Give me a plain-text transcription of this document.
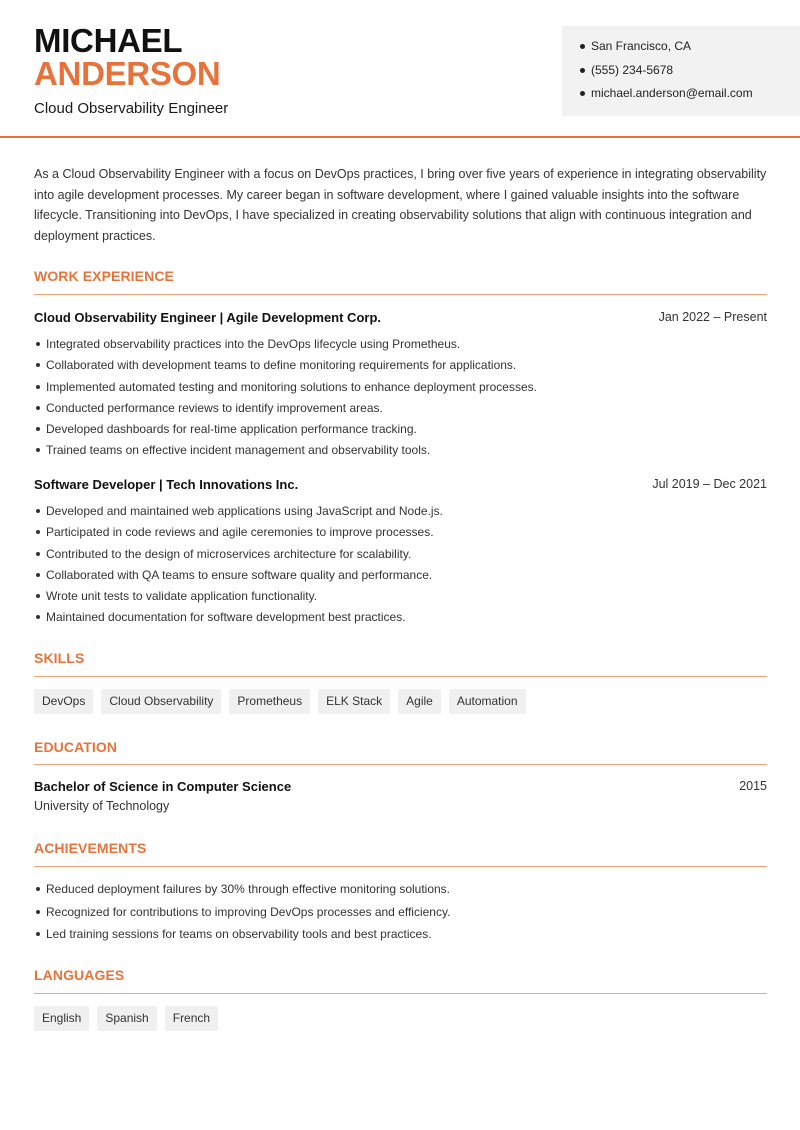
MICHAEL
ANDERSON
Cloud Observability Engineer
San Francisco, CA
(555) 234-5678
michael.anderson@email.com

As a Cloud Observability Engineer with a focus on DevOps practices, I bring over five years of experience in integrating observability into agile development processes. My career began in software development, where I gained valuable insights into the software lifecycle. Transitioning into DevOps, I have specialized in creating observability solutions that align with continuous integration and deployment practices.

WORK EXPERIENCE
Cloud Observability Engineer | Agile Development Corp.	Jan 2022 – Present
Integrated observability practices into the DevOps lifecycle using Prometheus.
Collaborated with development teams to define monitoring requirements for applications.
Implemented automated testing and monitoring solutions to enhance deployment processes.
Conducted performance reviews to identify improvement areas.
Developed dashboards for real-time application performance tracking.
Trained teams on effective incident management and observability tools.
Software Developer | Tech Innovations Inc.	Jul 2019 – Dec 2021
Developed and maintained web applications using JavaScript and Node.js.
Participated in code reviews and agile ceremonies to improve processes.
Contributed to the design of microservices architecture for scalability.
Collaborated with QA teams to ensure software quality and performance.
Wrote unit tests to validate application functionality.
Maintained documentation for software development best practices.
SKILLS
DevOps	Cloud Observability	Prometheus	ELK Stack	Agile	Automation
EDUCATION
Bachelor of Science in Computer Science	2015
University of Technology
ACHIEVEMENTS
Reduced deployment failures by 30% through effective monitoring solutions.
Recognized for contributions to improving DevOps processes and efficiency.
Led training sessions for teams on observability tools and best practices.
LANGUAGES
English	Spanish	French
